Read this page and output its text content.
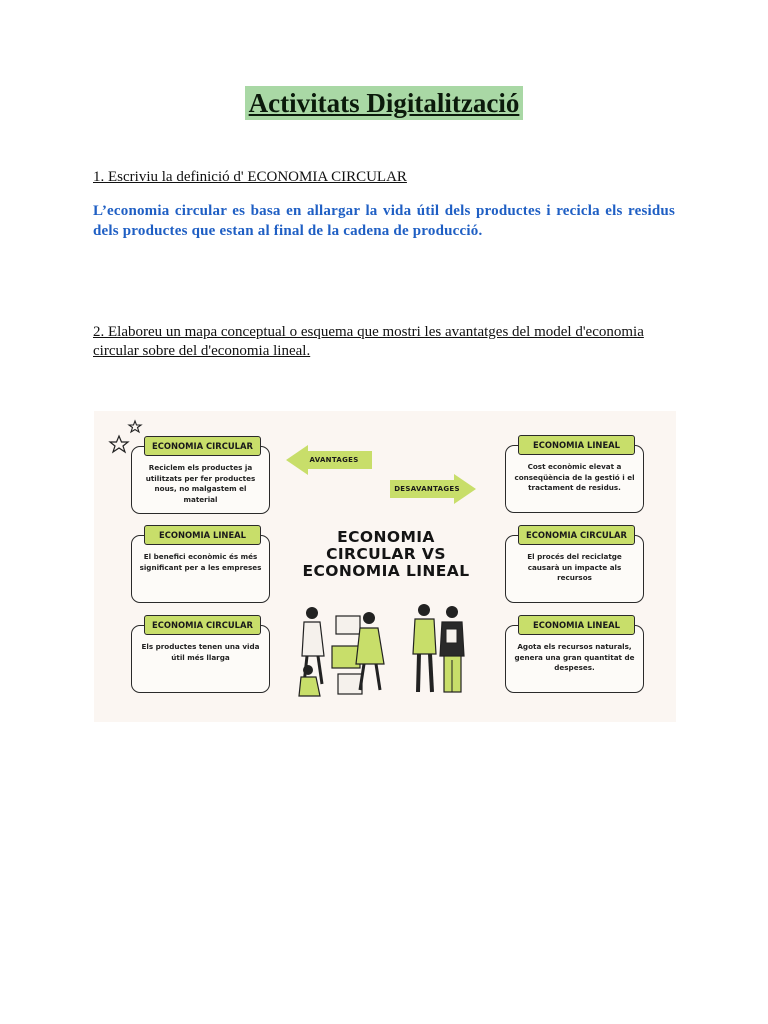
Activitats Digitalització
1. Escriviu la definició d' ECONOMIA CIRCULAR
L’economia circular es basa en allargar la vida útil dels productes i recicla els residus dels productes que estan al final de la cadena de producció.
2. Elaboreu un mapa conceptual o esquema que mostri les avantatges del model d'economia circular sobre del d'economia lineal.
ECONOMIA CIRCULAR
Reciclem els productes ja utilitzats per fer productes nous, no malgastem el material
ECONOMIA LINEAL
El benefici econòmic és més significant per a les empreses
ECONOMIA CIRCULAR
Els productes tenen una vida útil més llarga
ECONOMIA LINEAL
Cost econòmic elevat a conseqüència de la gestió i el tractament de residus.
ECONOMIA CIRCULAR
El procés del reciclatge causarà un impacte als recursos
ECONOMIA LINEAL
Agota els recursos naturals, genera una gran quantitat de despeses.
AVANTAGES
DESAVANTAGES
ECONOMIA
CIRCULAR VS
ECONOMIA LINEAL
